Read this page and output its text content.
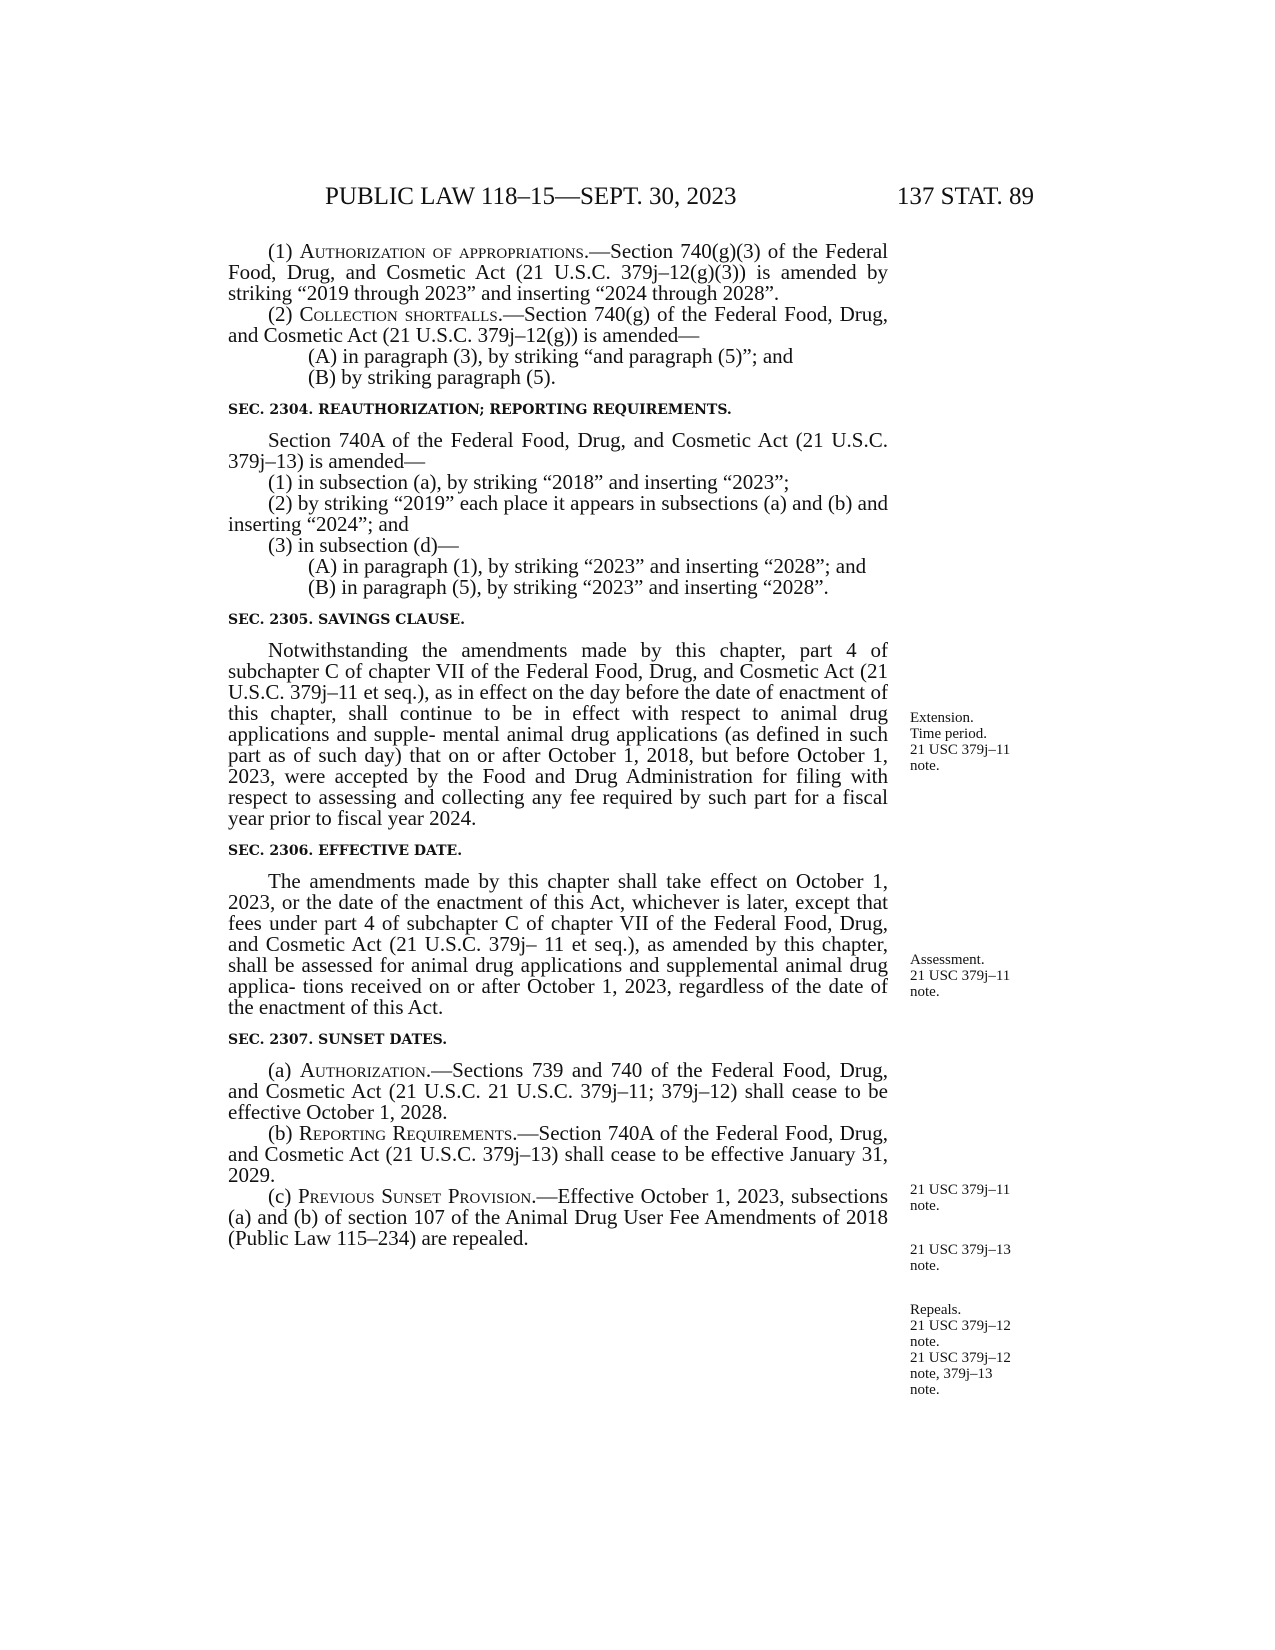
PUBLIC LAW 118–15—SEPT. 30, 2023	137 STAT. 89

(1) Authorization of appropriations.—Section 740(g)(3) of the Federal Food, Drug, and Cosmetic Act (21 U.S.C. 379j–12(g)(3)) is amended by striking “2019 through 2023” and inserting “2024 through 2028”.

(2) Collection shortfalls.—Section 740(g) of the Federal Food, Drug, and Cosmetic Act (21 U.S.C. 379j–12(g)) is amended—

(A) in paragraph (3), by striking “and paragraph (5)”; and

(B) by striking paragraph (5).

SEC. 2304. REAUTHORIZATION; REPORTING REQUIREMENTS.

Section 740A of the Federal Food, Drug, and Cosmetic Act (21 U.S.C. 379j–13) is amended—

(1) in subsection (a), by striking “2018” and inserting “2023”;

(2) by striking “2019” each place it appears in subsections (a) and (b) and inserting “2024”; and

(3) in subsection (d)—

(A) in paragraph (1), by striking “2023” and inserting “2028”; and

(B) in paragraph (5), by striking “2023” and inserting “2028”.

SEC. 2305. SAVINGS CLAUSE.

Notwithstanding the amendments made by this chapter, part 4 of subchapter C of chapter VII of the Federal Food, Drug, and Cosmetic Act (21 U.S.C. 379j–11 et seq.), as in effect on the day before the date of enactment of this chapter, shall continue to be in effect with respect to animal drug applications and supple- mental animal drug applications (as defined in such part as of such day) that on or after October 1, 2018, but before October 1, 2023, were accepted by the Food and Drug Administration for filing with respect to assessing and collecting any fee required by such part for a fiscal year prior to fiscal year 2024.

SEC. 2306. EFFECTIVE DATE.

The amendments made by this chapter shall take effect on October 1, 2023, or the date of the enactment of this Act, whichever is later, except that fees under part 4 of subchapter C of chapter VII of the Federal Food, Drug, and Cosmetic Act (21 U.S.C. 379j– 11 et seq.), as amended by this chapter, shall be assessed for animal drug applications and supplemental animal drug applica- tions received on or after October 1, 2023, regardless of the date of the enactment of this Act.

SEC. 2307. SUNSET DATES.

(a) Authorization.—Sections 739 and 740 of the Federal Food, Drug, and Cosmetic Act (21 U.S.C. 21 U.S.C. 379j–11; 379j–12) shall cease to be effective October 1, 2028.

(b) Reporting Requirements.—Section 740A of the Federal Food, Drug, and Cosmetic Act (21 U.S.C. 379j–13) shall cease to be effective January 31, 2029.

(c) Previous Sunset Provision.—Effective October 1, 2023, subsections (a) and (b) of section 107 of the Animal Drug User Fee Amendments of 2018 (Public Law 115–234) are repealed.

Extension.
Time period.
21 USC 379j–11
note.
Assessment.
21 USC 379j–11
note.
21 USC 379j–11
note.
21 USC 379j–13
note.
Repeals.
21 USC 379j–12
note.
21 USC 379j–12
note, 379j–13
note.
